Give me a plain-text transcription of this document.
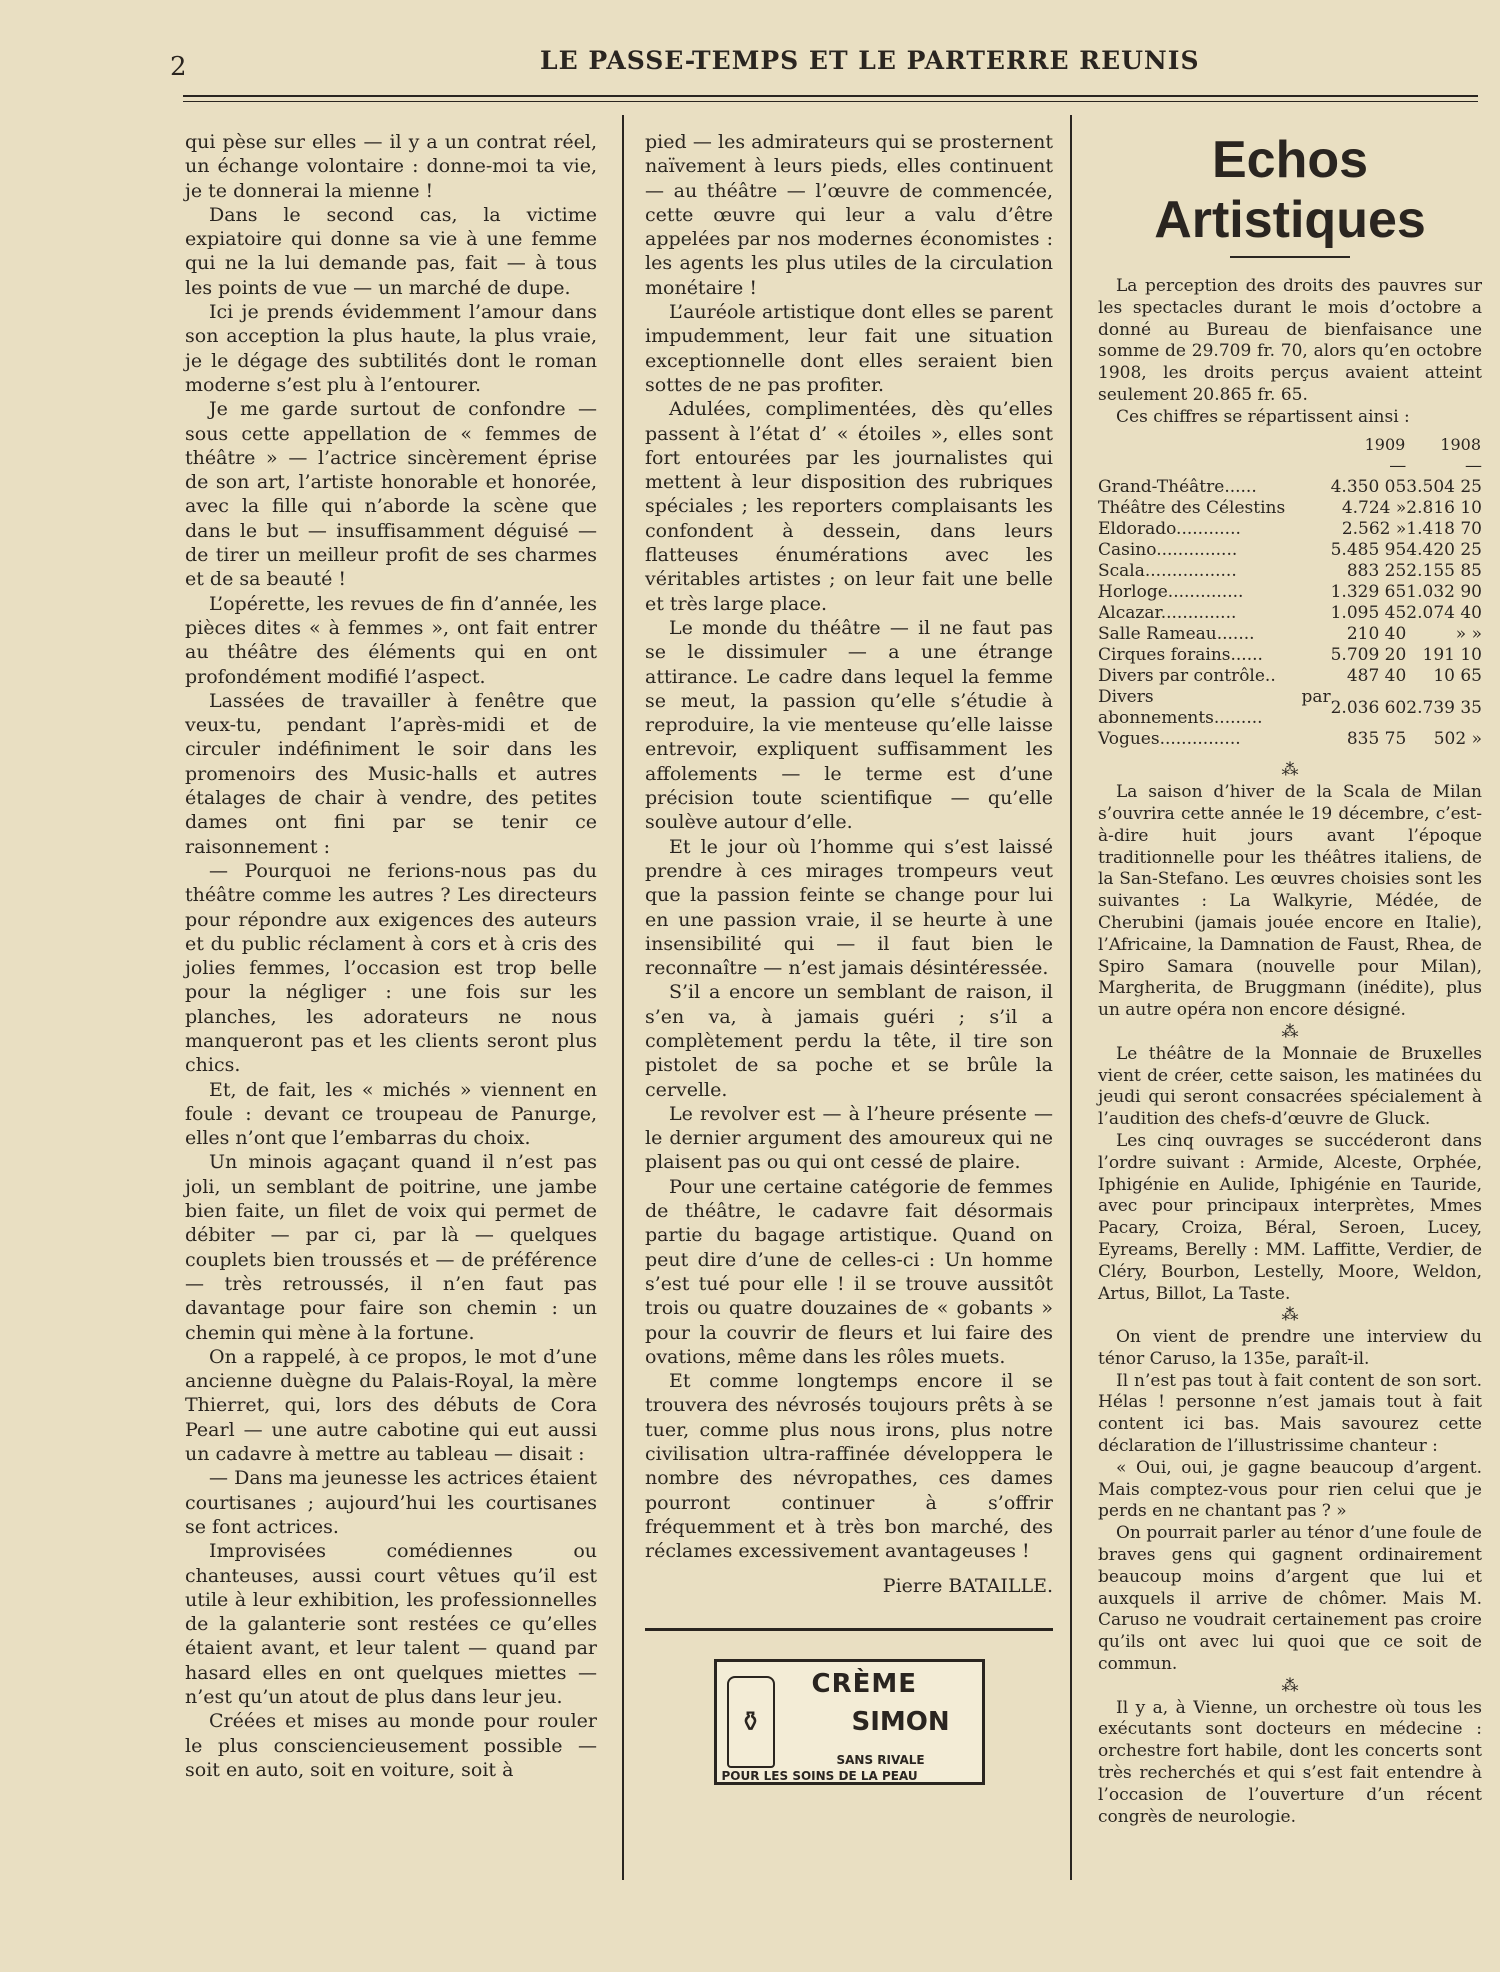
2	LE PASSE-TEMPS ET LE PARTERRE REUNIS

qui pèse sur elles — il y a un contrat réel, un échange volontaire : donne-moi ta vie, je te donnerai la mienne !

Dans le second cas, la victime expiatoire qui donne sa vie à une femme qui ne la lui demande pas, fait — à tous les points de vue — un marché de dupe.

Ici je prends évidemment l’amour dans son acception la plus haute, la plus vraie, je le dégage des subtilités dont le roman moderne s’est plu à l’entourer.

Je me garde surtout de confondre — sous cette appellation de « femmes de théâtre » — l’actrice sincèrement éprise de son art, l’artiste honorable et honorée, avec la fille qui n’aborde la scène que dans le but — insuffisamment déguisé — de tirer un meilleur profit de ses charmes et de sa beauté !

L’opérette, les revues de fin d’année, les pièces dites « à femmes », ont fait entrer au théâtre des éléments qui en ont profondément modifié l’aspect.

Lassées de travailler à fenêtre que veux-tu, pendant l’après-midi et de circuler indéfiniment le soir dans les promenoirs des Music-halls et autres étalages de chair à vendre, des petites dames ont fini par se tenir ce raisonnement :

— Pourquoi ne ferions-nous pas du théâtre comme les autres ? Les directeurs pour répondre aux exigences des auteurs et du public réclament à cors et à cris des jolies femmes, l’occasion est trop belle pour la négliger : une fois sur les planches, les adorateurs ne nous manqueront pas et les clients seront plus chics.

Et, de fait, les « michés » viennent en foule : devant ce troupeau de Panurge, elles n’ont que l’embarras du choix.

Un minois agaçant quand il n’est pas joli, un semblant de poitrine, une jambe bien faite, un filet de voix qui permet de débiter — par ci, par là — quelques couplets bien troussés et — de préférence — très retroussés, il n’en faut pas davantage pour faire son chemin : un chemin qui mène à la fortune.

On a rappelé, à ce propos, le mot d’une ancienne duègne du Palais-Royal, la mère Thierret, qui, lors des débuts de Cora Pearl — une autre cabotine qui eut aussi un cadavre à mettre au tableau — disait :

— Dans ma jeunesse les actrices étaient courtisanes ; aujourd’hui les courtisanes se font actrices.

Improvisées comédiennes ou chanteuses, aussi court vêtues qu’il est utile à leur exhibition, les professionnelles de la galanterie sont restées ce qu’elles étaient avant, et leur talent — quand par hasard elles en ont quelques miettes — n’est qu’un atout de plus dans leur jeu.

Créées et mises au monde pour rouler le plus consciencieusement possible — soit en auto, soit en voiture, soit à

pied — les admirateurs qui se prosternent naïvement à leurs pieds, elles continuent — au théâtre — l’œuvre de commencée, cette œuvre qui leur a valu d’être appelées par nos modernes économistes : les agents les plus utiles de la circulation monétaire !

L’auréole artistique dont elles se parent impudemment, leur fait une situation exceptionnelle dont elles seraient bien sottes de ne pas profiter.

Adulées, complimentées, dès qu’elles passent à l’état d’ « étoiles », elles sont fort entourées par les journalistes qui mettent à leur disposition des rubriques spéciales ; les reporters complaisants les confondent à dessein, dans leurs flatteuses énumérations avec les véritables artistes ; on leur fait une belle et très large place.

Le monde du théâtre — il ne faut pas se le dissimuler — a une étrange attirance. Le cadre dans lequel la femme se meut, la passion qu’elle s’étudie à reproduire, la vie menteuse qu’elle laisse entrevoir, expliquent suffisamment les affolements — le terme est d’une précision toute scientifique — qu’elle soulève autour d’elle.

Et le jour où l’homme qui s’est laissé prendre à ces mirages trompeurs veut que la passion feinte se change pour lui en une passion vraie, il se heurte à une insensibilité qui — il faut bien le reconnaître — n’est jamais désintéressée.

S’il a encore un semblant de raison, il s’en va, à jamais guéri ; s’il a complètement perdu la tête, il tire son pistolet de sa poche et se brûle la cervelle.

Le revolver est — à l’heure présente — le dernier argument des amoureux qui ne plaisent pas ou qui ont cessé de plaire.

Pour une certaine catégorie de femmes de théâtre, le cadavre fait désormais partie du bagage artistique. Quand on peut dire d’une de celles-ci : Un homme s’est tué pour elle ! il se trouve aussitôt trois ou quatre douzaines de « gobants » pour la couvrir de fleurs et lui faire des ovations, même dans les rôles muets.

Et comme longtemps encore il se trouvera des névrosés toujours prêts à se tuer, comme plus nous irons, plus notre civilisation ultra-raffinée développera le nombre des névropathes, ces dames pourront continuer à s’offrir fréquemment et à très bon marché, des réclames excessivement avantageuses !

Pierre BATAILLE.

⚱
CRÈME
SIMON
SANS RIVALE
POUR LES SOINS DE LA PEAU
Echos Artistiques

La perception des droits des pauvres sur les spectacles durant le mois d’octobre a donné au Bureau de bienfaisance une somme de 29.709 fr. 70, alors qu’en octobre 1908, les droits perçus avaient atteint seulement 20.865 fr. 65.

Ces chiffres se répartissent ainsi :

	1909	1908
	—	—
Grand-Théâtre......	4.350 05	3.504 25
Théâtre des Célestins	4.724 »	2.816 10
Eldorado............	2.562 »	1.418 70
Casino...............	5.485 95	4.420 25
Scala.................	883 25	2.155 85
Horloge..............	1.329 65	1.032 90
Alcazar..............	1.095 45	2.074 40
Salle Rameau.......	210 40	» »
Cirques forains......	5.709 20	191 10
Divers par contrôle..	487 40	10 65
Divers par abonnements.........	2.036 60	2.739 35
Vogues...............	835 75	502 »

⁂

La saison d’hiver de la Scala de Milan s’ouvrira cette année le 19 décembre, c’est-à-dire huit jours avant l’époque traditionnelle pour les théâtres italiens, de la San-Stefano. Les œuvres choisies sont les suivantes : La Walkyrie, Médée, de Cherubini (jamais jouée encore en Italie), l’Africaine, la Damnation de Faust, Rhea, de Spiro Samara (nouvelle pour Milan), Margherita, de Bruggmann (inédite), plus un autre opéra non encore désigné.

⁂

Le théâtre de la Monnaie de Bruxelles vient de créer, cette saison, les matinées du jeudi qui seront consacrées spécialement à l’audition des chefs-d’œuvre de Gluck.

Les cinq ouvrages se succéderont dans l’ordre suivant : Armide, Alceste, Orphée, Iphigénie en Aulide, Iphigénie en Tauride, avec pour principaux interprètes, Mmes Pacary, Croiza, Béral, Seroen, Lucey, Eyreams, Berelly : MM. Laffitte, Verdier, de Cléry, Bourbon, Lestelly, Moore, Weldon, Artus, Billot, La Taste.

⁂

On vient de prendre une interview du ténor Caruso, la 135e, paraît-il.

Il n’est pas tout à fait content de son sort. Hélas ! personne n’est jamais tout à fait content ici bas. Mais savourez cette déclaration de l’illustrissime chanteur :

« Oui, oui, je gagne beaucoup d’argent. Mais comptez-vous pour rien celui que je perds en ne chantant pas ? »

On pourrait parler au ténor d’une foule de braves gens qui gagnent ordinairement beaucoup moins d’argent que lui et auxquels il arrive de chômer. Mais M. Caruso ne voudrait certainement pas croire qu’ils ont avec lui quoi que ce soit de commun.

⁂

Il y a, à Vienne, un orchestre où tous les exécutants sont docteurs en médecine : orchestre fort habile, dont les concerts sont très recherchés et qui s’est fait entendre à l’occasion de l’ouverture d’un récent congrès de neurologie.
